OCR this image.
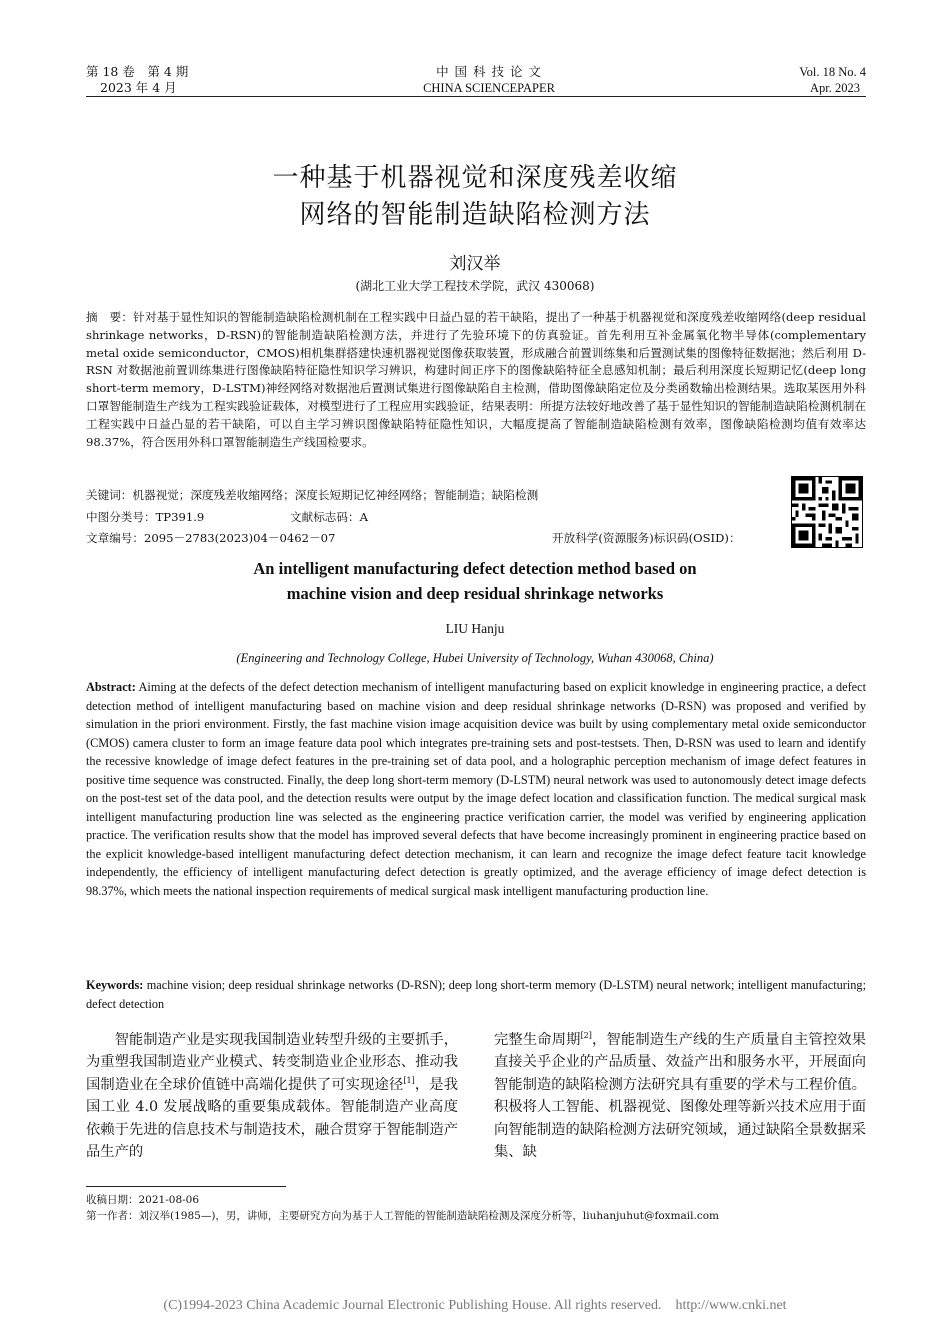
第 18 卷　第 4 期
2023 年 4 月
中 国 科 技 论 文
CHINA SCIENCEPAPER
Vol. 18 No. 4
Apr. 2023
一种基于机器视觉和深度残差收缩
网络的智能制造缺陷检测方法
刘汉举
(湖北工业大学工程技术学院，武汉 430068)
摘　要：针对基于显性知识的智能制造缺陷检测机制在工程实践中日益凸显的若干缺陷，提出了一种基于机器视觉和深度残差收缩网络(deep residual shrinkage networks，D-RSN)的智能制造缺陷检测方法，并进行了先验环境下的仿真验证。首先利用互补金属氧化物半导体(complementary metal oxide semiconductor，CMOS)相机集群搭建快速机器视觉图像获取装置，形成融合前置训练集和后置测试集的图像特征数据池；然后利用 D-RSN 对数据池前置训练集进行图像缺陷特征隐性知识学习辨识，构建时间正序下的图像缺陷特征全息感知机制；最后利用深度长短期记忆(deep long short-term memory，D-LSTM)神经网络对数据池后置测试集进行图像缺陷自主检测，借助图像缺陷定位及分类函数输出检测结果。选取某医用外科口罩智能制造生产线为工程实践验证载体，对模型进行了工程应用实践验证，结果表明：所提方法较好地改善了基于显性知识的智能制造缺陷检测机制在工程实践中日益凸显的若干缺陷，可以自主学习辨识图像缺陷特征隐性知识，大幅度提高了智能制造缺陷检测有效率，图像缺陷检测均值有效率达 98.37%，符合医用外科口罩智能制造生产线国检要求。
关键词：机器视觉；深度残差收缩网络；深度长短期记忆神经网络；智能制造；缺陷检测
中图分类号：TP391.9	文献标志码：A
文章编号：2095－2783(2023)04－0462－07	开放科学(资源服务)标识码(OSID)：
An intelligent manufacturing defect detection method based on
machine vision and deep residual shrinkage networks
LIU Hanju
(Engineering and Technology College, Hubei University of Technology, Wuhan 430068, China)
Abstract: Aiming at the defects of the defect detection mechanism of intelligent manufacturing based on explicit knowledge in engineering practice, a defect detection method of intelligent manufacturing based on machine vision and deep residual shrinkage networks (D-RSN) was proposed and verified by simulation in the priori environment. Firstly, the fast machine vision image acquisition device was built by using complementary metal oxide semiconductor (CMOS) camera cluster to form an image feature data pool which integrates pre-training sets and post-testsets. Then, D-RSN was used to learn and identify the recessive knowledge of image defect features in the pre-training set of data pool, and a holographic perception mechanism of image defect features in positive time sequence was constructed. Finally, the deep long short-term memory (D-LSTM) neural network was used to autonomously detect image defects on the post-test set of the data pool, and the detection results were output by the image defect location and classification function. The medical surgical mask intelligent manufacturing production line was selected as the engineering practice verification carrier, the model was verified by engineering application practice. The verification results show that the model has improved several defects that have become increasingly prominent in engineering practice based on the explicit knowledge-based intelligent manufacturing defect detection mechanism, it can learn and recognize the image defect feature tacit knowledge independently, the efficiency of intelligent manufacturing defect detection is greatly optimized, and the average efficiency of image defect detection is 98.37%, which meets the national inspection requirements of medical surgical mask intelligent manufacturing production line.
Keywords: machine vision; deep residual shrinkage networks (D-RSN); deep long short-term memory (D-LSTM) neural network; intelligent manufacturing; defect detection
智能制造产业是实现我国制造业转型升级的主要抓手，为重塑我国制造业产业模式、转变制造业企业形态、推动我国制造业在全球价值链中高端化提供了可实现途径[1]，是我国工业 4.0 发展战略的重要集成载体。智能制造产业高度依赖于先进的信息技术与制造技术，融合贯穿于智能制造产品生产的
完整生命周期[2]，智能制造生产线的生产质量自主管控效果直接关乎企业的产品质量、效益产出和服务水平，开展面向智能制造的缺陷检测方法研究具有重要的学术与工程价值。积极将人工智能、机器视觉、图像处理等新兴技术应用于面向智能制造的缺陷检测方法研究领域，通过缺陷全景数据采集、缺
收稿日期：2021-08-06
第一作者：刘汉举(1985—)，男，讲师，主要研究方向为基于人工智能的智能制造缺陷检测及深度分析等，liuhanjuhut@foxmail.com
(C)1994-2023 China Academic Journal Electronic Publishing House. All rights reserved.    http://www.cnki.net
